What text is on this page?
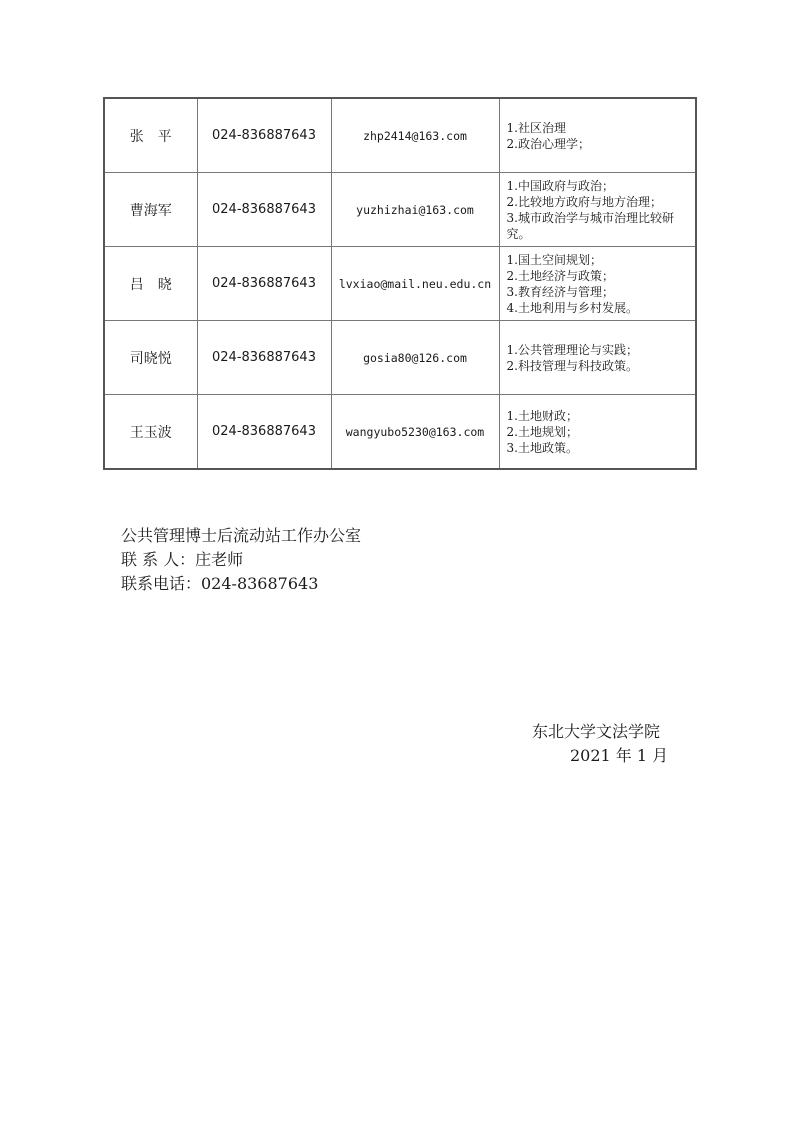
张　平	024-836887643	zhp2414@163.com	1.社区治理
2.政治心理学；

曹海军	024-836887643	yuzhizhai@163.com	1.中国政府与政治；
2.比较地方政府与地方治理；
3.城市政治学与城市治理比较研究。

吕　晓	024-836887643	lvxiao@mail.neu.edu.cn	1.国土空间规划；
2.土地经济与政策；
3.教育经济与管理；
4.土地利用与乡村发展。

司晓悦	024-836887643	gosia80@126.com	1.公共管理理论与实践；
2.科技管理与科技政策。

王玉波	024-836887643	wangyubo5230@163.com	1.土地财政；
2.土地规划；
3.土地政策。
公共管理博士后流动站工作办公室
联 系 人：庄老师
联系电话：024-83687643
东北大学文法学院
2021 年 1 月
